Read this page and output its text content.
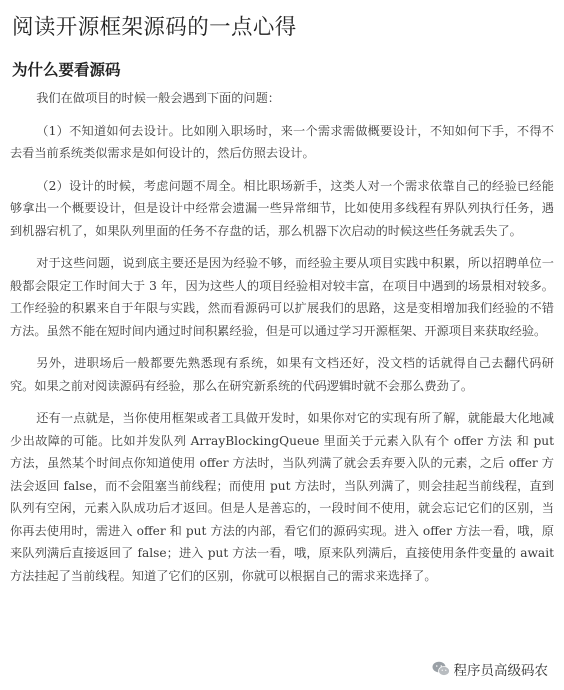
阅读开源框架源码的一点心得
为什么要看源码

我们在做项目的时候一般会遇到下面的问题：

（1）不知道如何去设计。比如刚入职场时，来一个需求需做概要设计，不知如何下手，不得不去看当前系统类似需求是如何设计的，然后仿照去设计。

（2）设计的时候，考虑问题不周全。相比职场新手，这类人对一个需求依靠自己的经验已经能够拿出一个概要设计，但是设计中经常会遗漏一些异常细节，比如使用多线程有界队列执行任务，遇到机器宕机了，如果队列里面的任务不存盘的话，那么机器下次启动的时候这些任务就丢失了。

对于这些问题，说到底主要还是因为经验不够，而经验主要从项目实践中积累，所以招聘单位一般都会限定工作时间大于 3 年，因为这些人的项目经验相对较丰富，在项目中遇到的场景相对较多。工作经验的积累来自于年限与实践，然而看源码可以扩展我们的思路，这是变相增加我们经验的不错方法。虽然不能在短时间内通过时间积累经验，但是可以通过学习开源框架、开源项目来获取经验。

另外，进职场后一般都要先熟悉现有系统，如果有文档还好，没文档的话就得自己去翻代码研究。如果之前对阅读源码有经验，那么在研究新系统的代码逻辑时就不会那么费劲了。

还有一点就是，当你使用框架或者工具做开发时，如果你对它的实现有所了解，就能最大化地减少出故障的可能。比如并发队列 ArrayBlockingQueue 里面关于元素入队有个 offer 方法 和 put 方法，虽然某个时间点你知道使用 offer 方法时，当队列满了就会丢弃要入队的元素，之后 offer 方法会返回 false，而不会阻塞当前线程；而使用 put 方法时，当队列满了，则会挂起当前线程，直到队列有空闲，元素入队成功后才返回。但是人是善忘的，一段时间不使用，就会忘记它们的区别，当你再去使用时，需进入 offer 和 put 方法的内部，看它们的源码实现。进入 offer 方法一看，哦，原来队列满后直接返回了 false；进入 put 方法一看，哦，原来队列满后，直接使用条件变量的 await 方法挂起了当前线程。知道了它们的区别，你就可以根据自己的需求来选择了。

程序员高级码农
